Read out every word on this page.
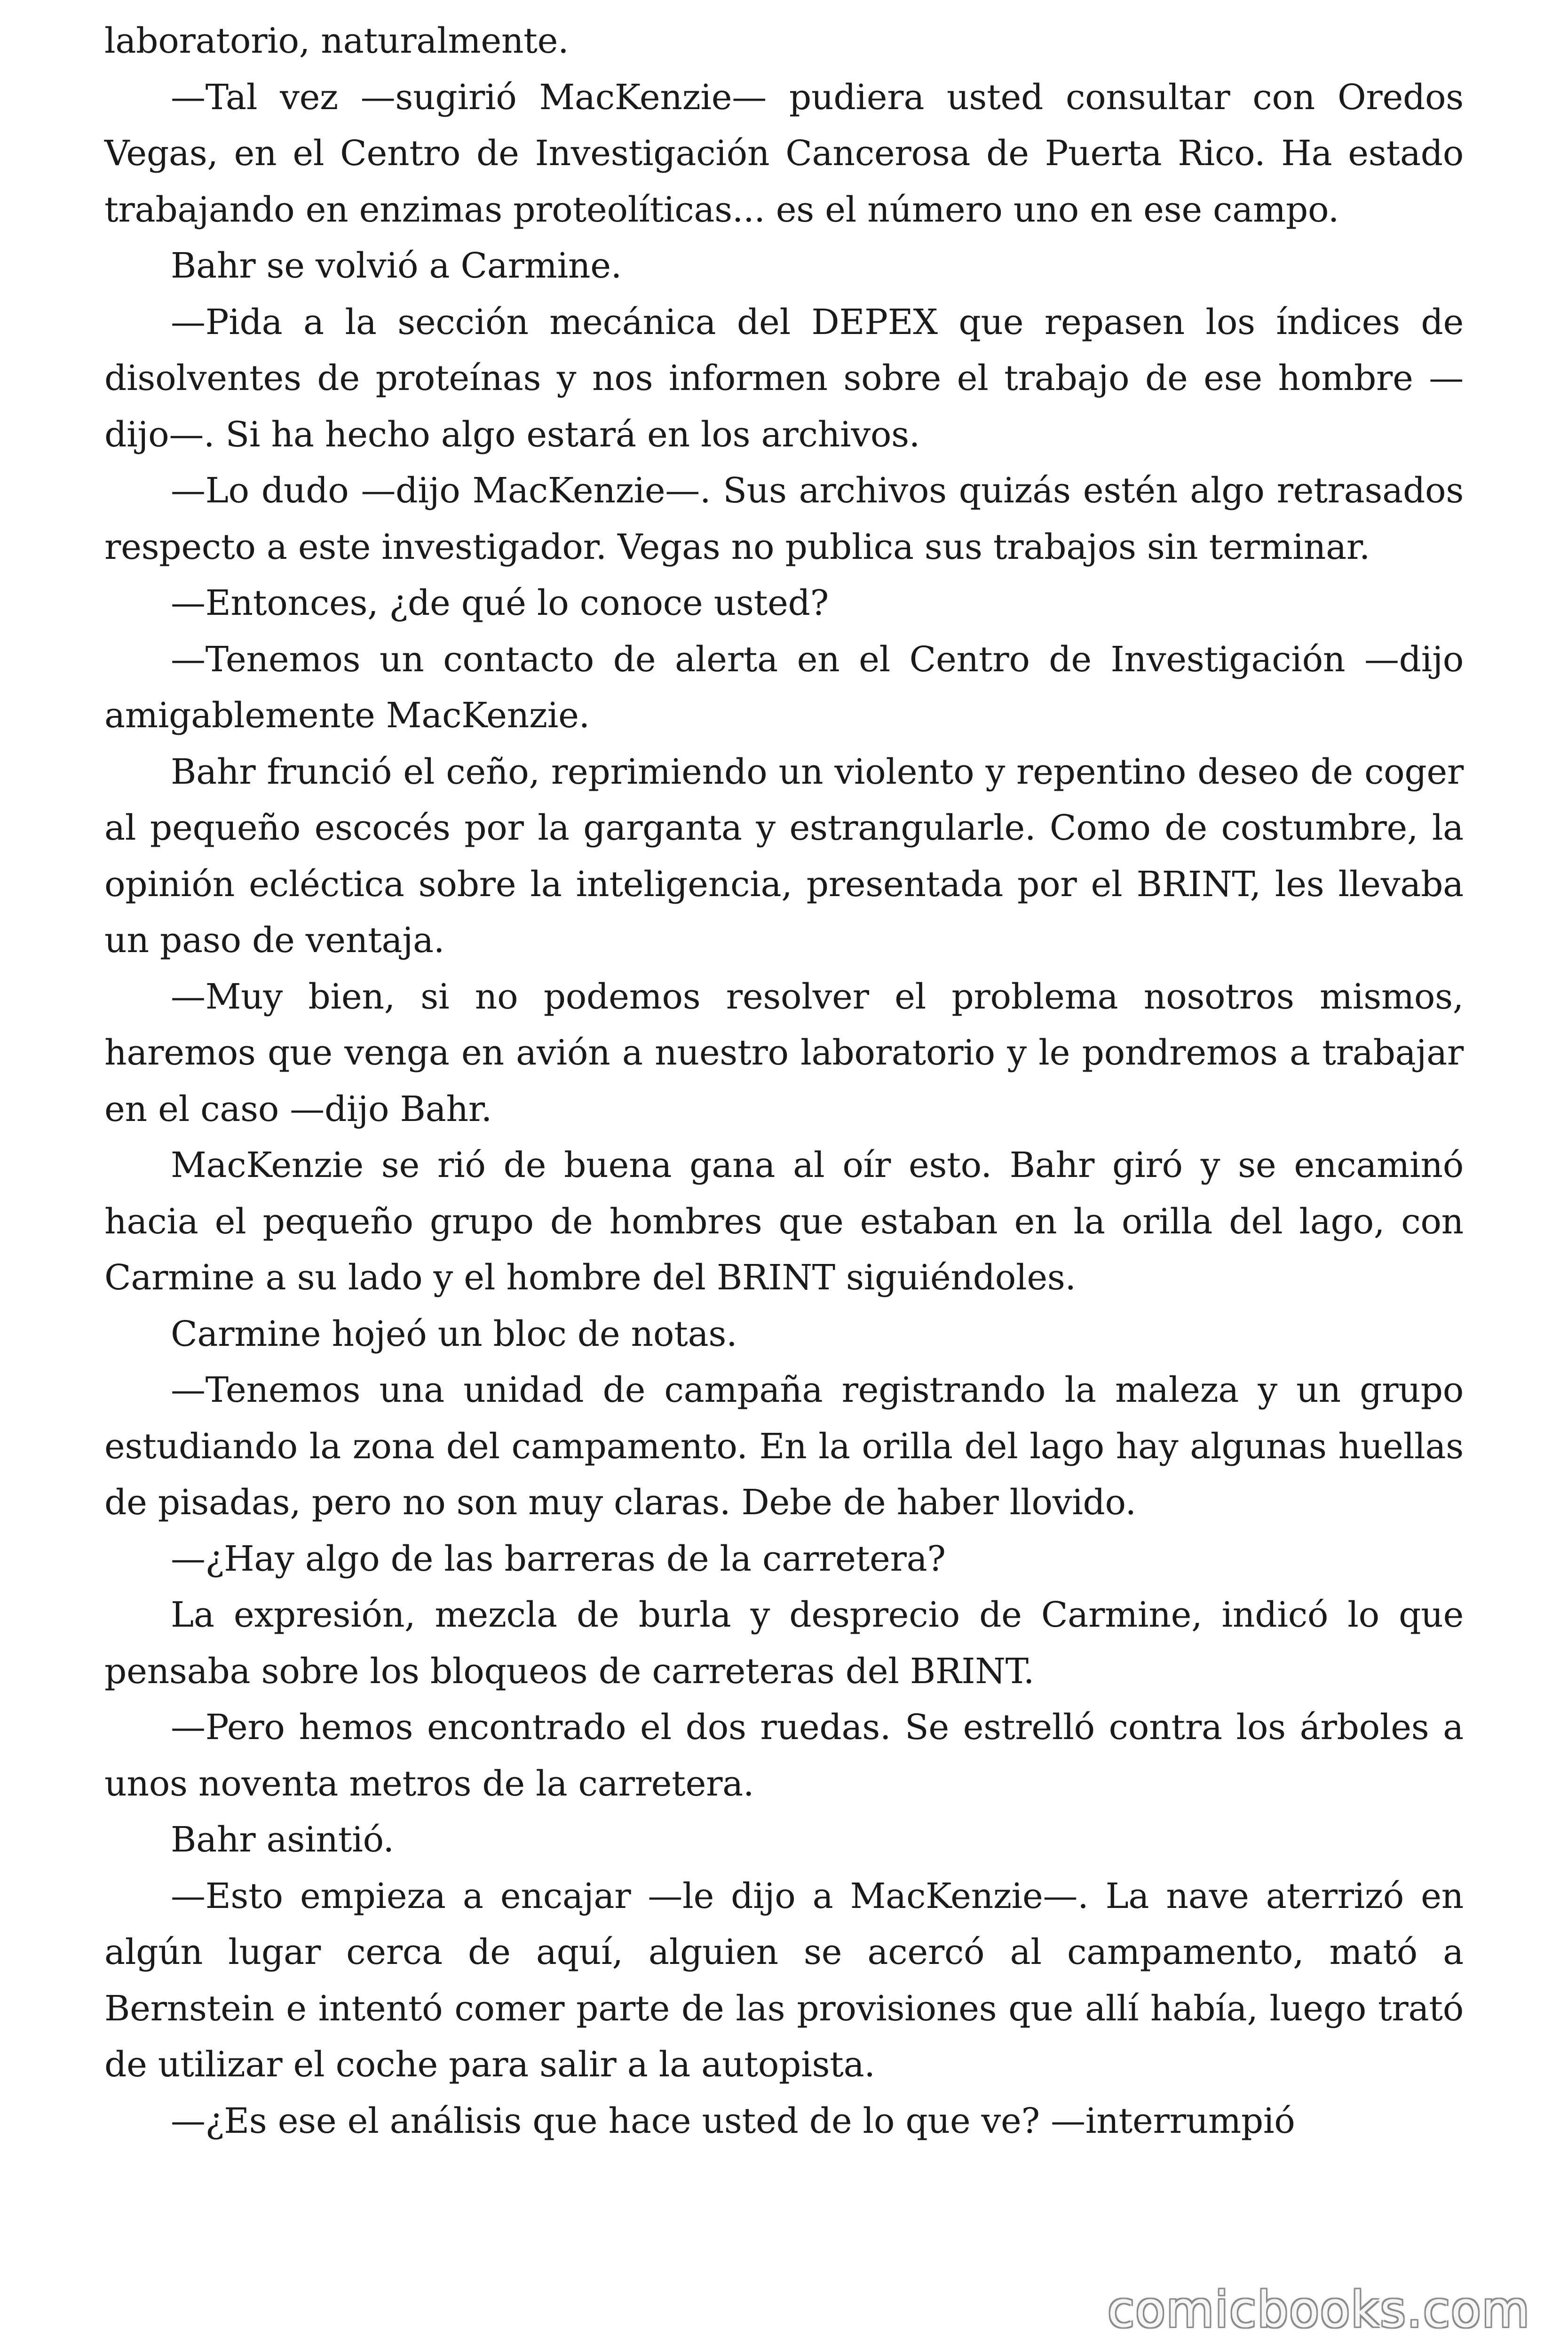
laboratorio, naturalmente.

—Tal vez —sugirió MacKenzie— pudiera usted consultar con Oredos Vegas, en el Centro de Investigación Cancerosa de Puerta Rico. Ha estado trabajando en enzimas proteolíticas... es el número uno en ese campo.

Bahr se volvió a Carmine.

—Pida a la sección mecánica del DEPEX que repasen los índices de disolventes de proteínas y nos informen sobre el trabajo de ese hombre —dijo—. Si ha hecho algo estará en los archivos.

—Lo dudo —dijo MacKenzie—. Sus archivos quizás estén algo retrasados respecto a este investigador. Vegas no publica sus trabajos sin terminar.

—Entonces, ¿de qué lo conoce usted?

—Tenemos un contacto de alerta en el Centro de Investigación —dijo amigablemente MacKenzie.

Bahr frunció el ceño, reprimiendo un violento y repentino deseo de coger al pequeño escocés por la garganta y estrangularle. Como de costumbre, la opinión ecléctica sobre la inteligencia, presentada por el BRINT, les llevaba un paso de ventaja.

—Muy bien, si no podemos resolver el problema nosotros mismos, haremos que venga en avión a nuestro laboratorio y le pondremos a trabajar en el caso —dijo Bahr.

MacKenzie se rió de buena gana al oír esto. Bahr giró y se encaminó hacia el pequeño grupo de hombres que estaban en la orilla del lago, con Carmine a su lado y el hombre del BRINT siguiéndoles.

Carmine hojeó un bloc de notas.

—Tenemos una unidad de campaña registrando la maleza y un grupo estudiando la zona del campamento. En la orilla del lago hay algunas huellas de pisadas, pero no son muy claras. Debe de haber llovido.

—¿Hay algo de las barreras de la carretera?

La expresión, mezcla de burla y desprecio de Carmine, indicó lo que pensaba sobre los bloqueos de carreteras del BRINT.

—Pero hemos encontrado el dos ruedas. Se estrelló contra los árboles a unos noventa metros de la carretera.

Bahr asintió.

—Esto empieza a encajar —le dijo a MacKenzie—. La nave aterrizó en algún lugar cerca de aquí, alguien se acercó al campamento, mató a Bernstein e intentó comer parte de las provisiones que allí había, luego trató de utilizar el coche para salir a la autopista.

—¿Es ese el análisis que hace usted de lo que ve? —interrumpió

comicbooks.com
